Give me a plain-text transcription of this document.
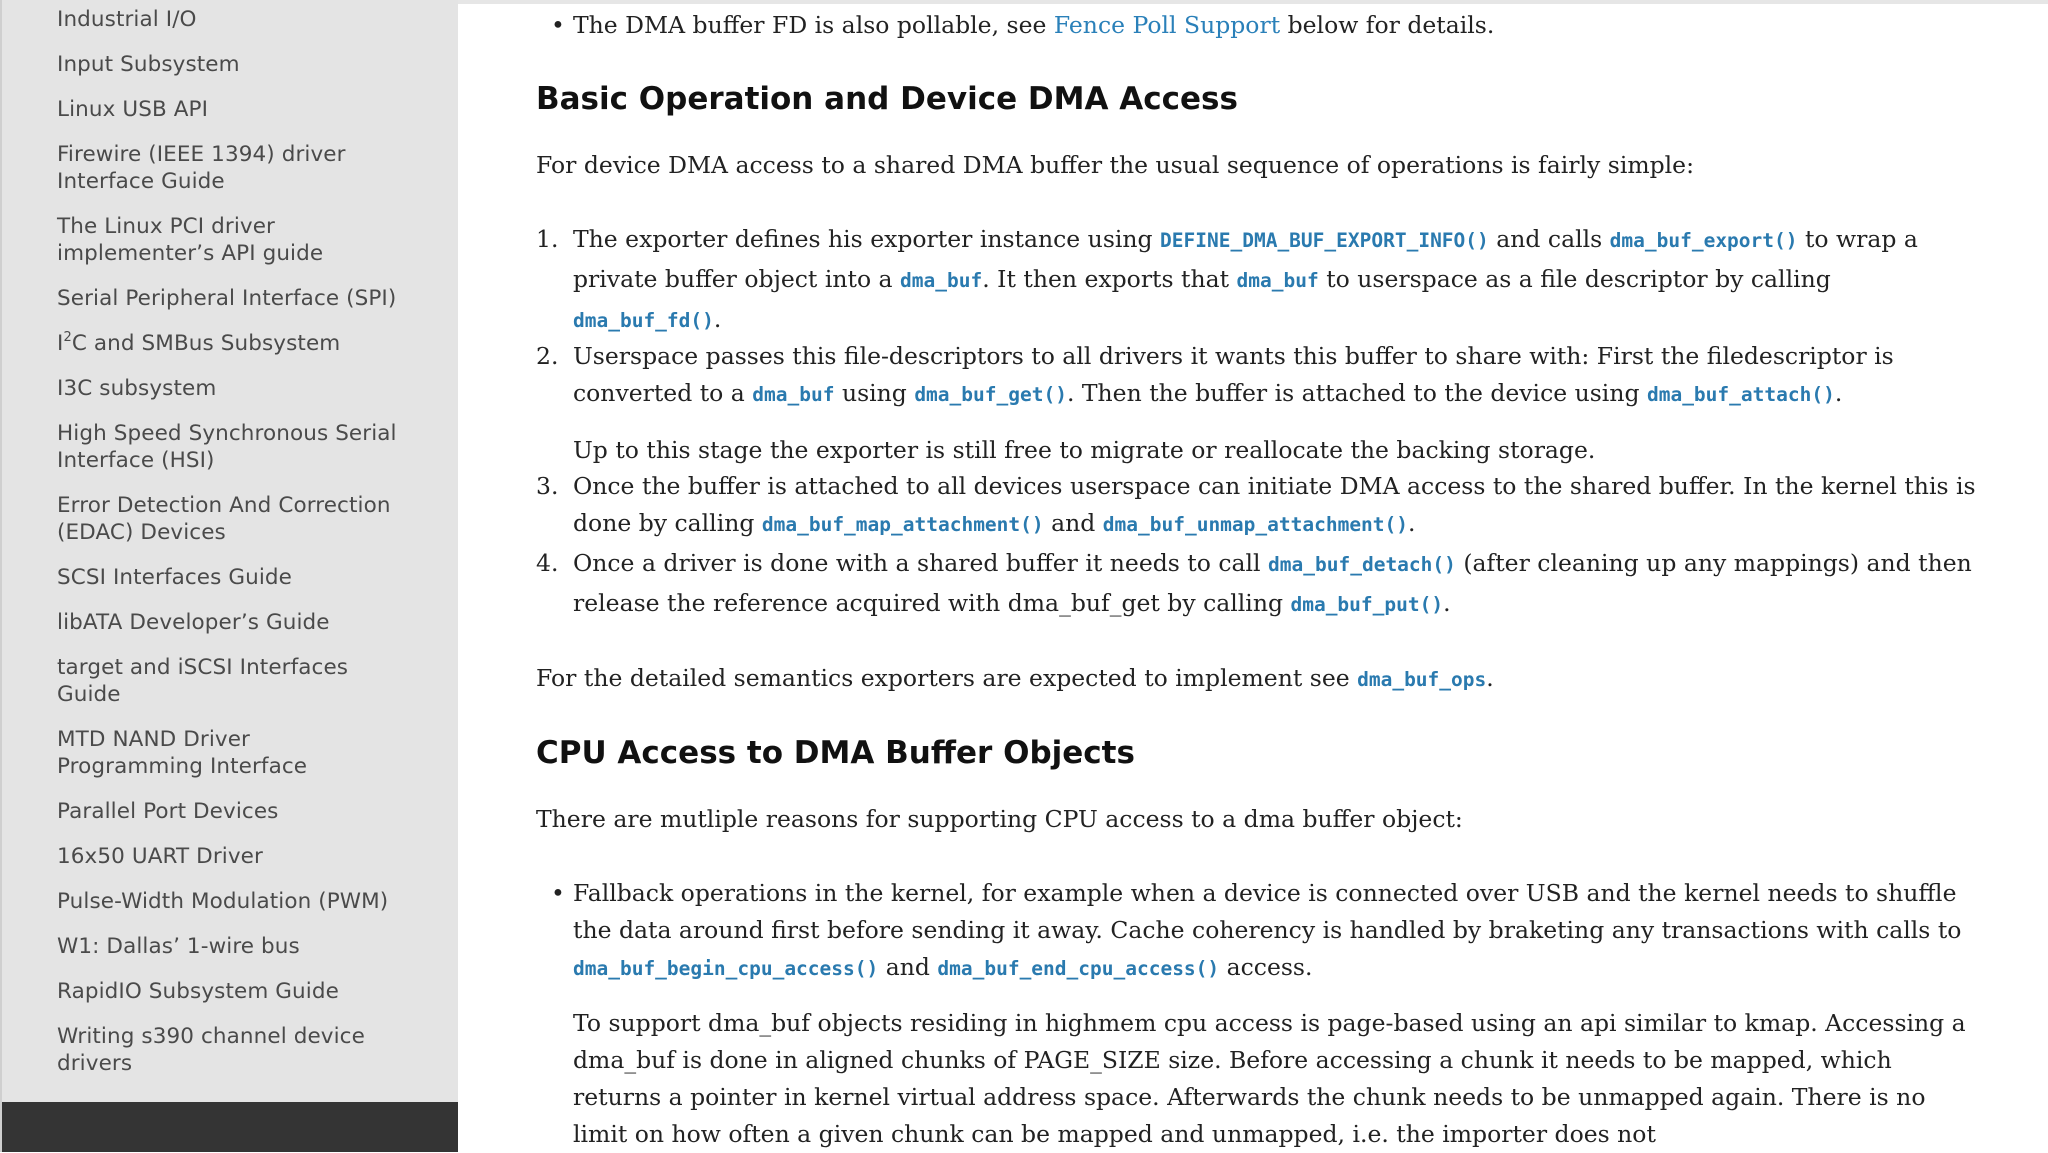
Industrial I/O
Input Subsystem
Linux USB API
Firewire (IEEE 1394) driver Interface Guide
The Linux PCI driver implementer’s API guide
Serial Peripheral Interface (SPI)
$I^2C$ and SMBus Subsystem
I3C subsystem
High Speed Synchronous Serial Interface (HSI)
Error Detection And Correction (EDAC) Devices
SCSI Interfaces Guide
libATA Developer’s Guide
target and iSCSI Interfaces Guide
MTD NAND Driver Programming Interface
Parallel Port Devices
16x50 UART Driver
Pulse-Width Modulation (PWM)
W1: Dallas’ 1-wire bus
RapidIO Subsystem Guide
Writing s390 channel device drivers
• The DMA buffer FD is also pollable, see Fence Poll Support below for details.
Basic Operation and Device DMA Access

For device DMA access to a shared DMA buffer the usual sequence of operations is fairly simple:

1. The exporter defines his exporter instance using DEFINE_DMA_BUF_EXPORT_INFO() and calls dma_buf_export() to wrap a private buffer object into a dma_buf. It then exports that dma_buf to userspace as a file descriptor by calling dma_buf_fd().
2. Userspace passes this file-descriptors to all drivers it wants this buffer to share with: First the filedescriptor is converted to a dma_buf using dma_buf_get(). Then the buffer is attached to the device using dma_buf_attach().

Up to this stage the exporter is still free to migrate or reallocate the backing storage.

3. Once the buffer is attached to all devices userspace can initiate DMA access to the shared buffer. In the kernel this is done by calling dma_buf_map_attachment() and dma_buf_unmap_attachment().
4. Once a driver is done with a shared buffer it needs to call dma_buf_detach() (after cleaning up any mappings) and then release the reference acquired with dma_buf_get by calling dma_buf_put().

For the detailed semantics exporters are expected to implement see dma_buf_ops.

CPU Access to DMA Buffer Objects

There are mutliple reasons for supporting CPU access to a dma buffer object:

• Fallback operations in the kernel, for example when a device is connected over USB and the kernel needs to shuffle the data around first before sending it away. Cache coherency is handled by braketing any transactions with calls to dma_buf_begin_cpu_access() and dma_buf_end_cpu_access() access.

To support dma_buf objects residing in highmem cpu access is page-based using an api similar to kmap. Accessing a dma_buf is done in aligned chunks of PAGE_SIZE size. Before accessing a chunk it needs to be mapped, which returns a pointer in kernel virtual address space. Afterwards the chunk needs to be unmapped again. There is no limit on how often a given chunk can be mapped and unmapped, i.e. the importer does not
